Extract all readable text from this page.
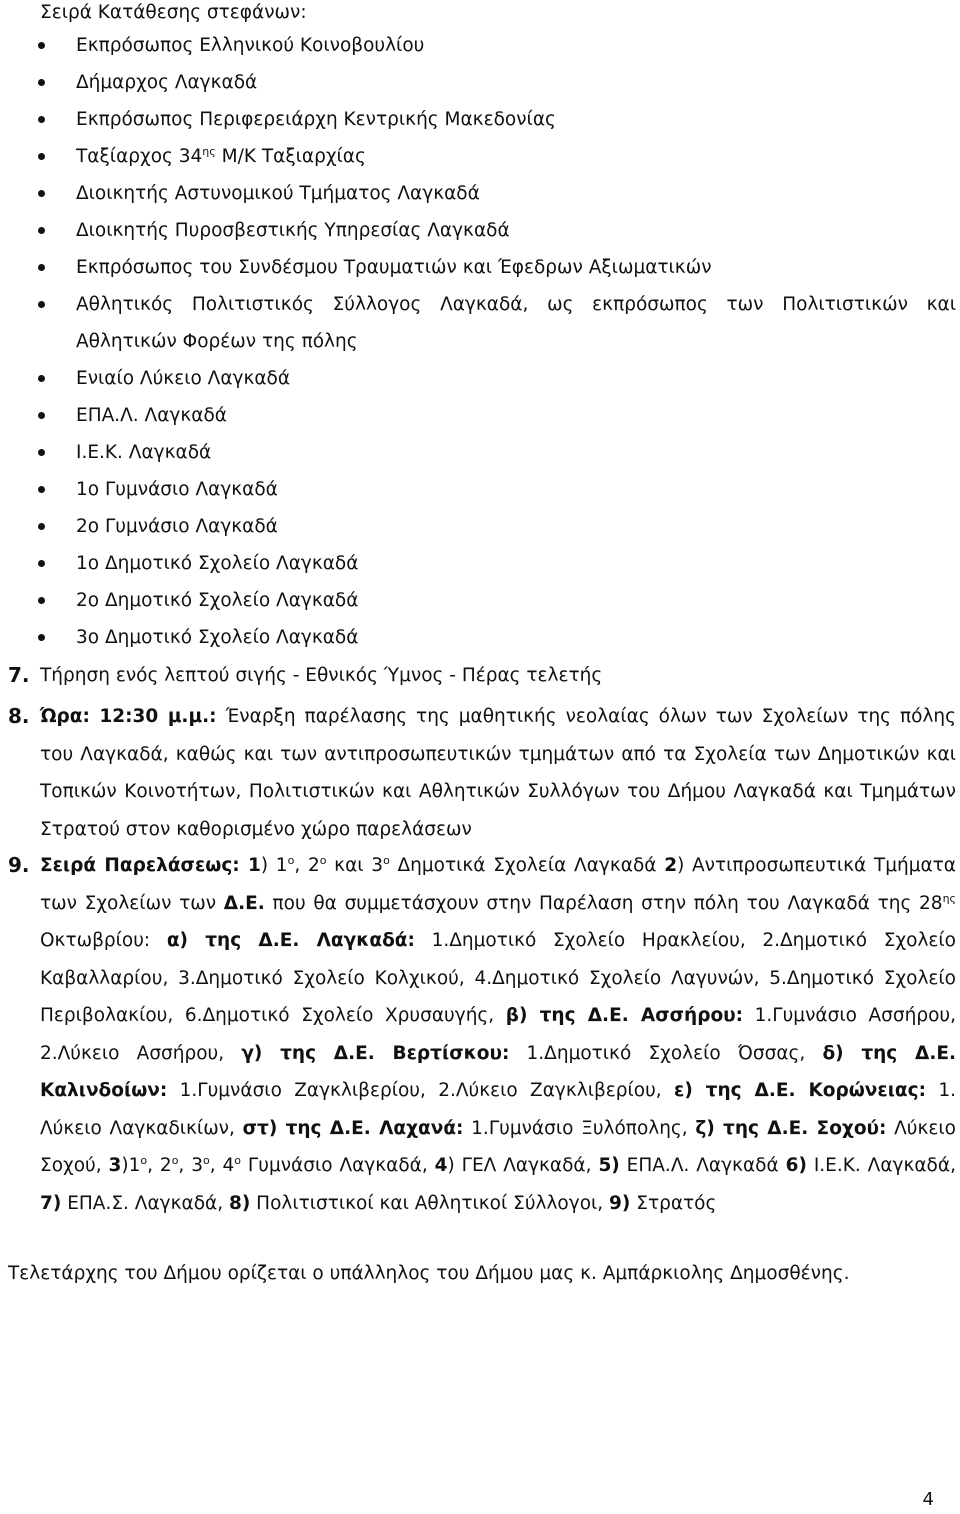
Σειρά Κατάθεσης στεφάνων:
Εκπρόσωπος Ελληνικού Κοινοβουλίου
Δήμαρχος Λαγκαδά
Εκπρόσωπος Περιφερειάρχη Κεντρικής Μακεδονίας
Ταξίαρχος $34^{\eta\varsigma}$ Μ/Κ Ταξιαρχίας
Διοικητής Αστυνομικού Τμήματος Λαγκαδά
Διοικητής Πυροσβεστικής Υπηρεσίας Λαγκαδά
Εκπρόσωπος του Συνδέσμου Τραυματιών και Έφεδρων Αξιωματικών
Αθλητικός Πολιτιστικός Σύλλογος Λαγκαδά, ως εκπρόσωπος των Πολιτιστικών και Αθλητικών Φορέων της πόλης
Ενιαίο Λύκειο Λαγκαδά
ΕΠΑ.Λ. Λαγκαδά
Ι.Ε.Κ. Λαγκαδά
1ο Γυμνάσιο Λαγκαδά
2ο Γυμνάσιο Λαγκαδά
1ο Δημοτικό Σχολείο Λαγκαδά
2ο Δημοτικό Σχολείο Λαγκαδά
3ο Δημοτικό Σχολείο Λαγκαδά
7. Τήρηση ενός λεπτού σιγής - Εθνικός Ύμνος - Πέρας τελετής
8. Ώρα: 12:30 μ.μ.: Έναρξη παρέλασης της μαθητικής νεολαίας όλων των Σχολείων της πόλης του Λαγκαδά, καθώς και των αντιπροσωπευτικών τμημάτων από τα Σχολεία των Δημοτικών και Τοπικών Κοινοτήτων, Πολιτιστικών και Αθλητικών Συλλόγων του Δήμου Λαγκαδά και Τμημάτων Στρατού στον καθορισμένο χώρο παρελάσεων
9. Σειρά Παρελάσεως: 1) $1^o$, $2^o$ και $3^o$ Δημοτικά Σχολεία Λαγκαδά 2) Αντιπροσωπευτικά Τμήματα των Σχολείων των Δ.Ε. που θα συμμετάσχουν στην Παρέλαση στην πόλη του Λαγκαδά της $28^{\eta\varsigma}$ Οκτωβρίου: α) της Δ.Ε. Λαγκαδά: 1.Δημοτικό Σχολείο Ηρακλείου, 2.Δημοτικό Σχολείο Καβαλλαρίου, 3.Δημοτικό Σχολείο Κολχικού, 4.Δημοτικό Σχολείο Λαγυνών, 5.Δημοτικό Σχολείο Περιβολακίου, 6.Δημοτικό Σχολείο Χρυσαυγής, β) της Δ.Ε. Ασσήρου: 1.Γυμνάσιο Ασσήρου, 2.Λύκειο Ασσήρου, γ) της Δ.Ε. Βερτίσκου: 1.Δημοτικό Σχολείο Όσσας, δ) της Δ.Ε. Καλινδοίων: 1.Γυμνάσιο Ζαγκλιβερίου, 2.Λύκειο Ζαγκλιβερίου, ε) της Δ.Ε. Κορώνειας: 1. Λύκειο Λαγκαδικίων, στ) της Δ.Ε. Λαχανά: 1.Γυμνάσιο Ξυλόπολης, ζ) της Δ.Ε. Σοχού: Λύκειο Σοχού, $3)1^o$, $2^o$, $3^o$, $4^o$ Γυμνάσιο Λαγκαδά, 4) ΓΕΛ Λαγκαδά, 5) ΕΠΑ.Λ. Λαγκαδά 6) Ι.Ε.Κ. Λαγκαδά, 7) ΕΠΑ.Σ. Λαγκαδά, 8) Πολιτιστικοί και Αθλητικοί Σύλλογοι, 9) Στρατός
Τελετάρχης του Δήμου ορίζεται ο υπάλληλος του Δήμου μας κ. Αμπάρκιολης Δημοσθένης.
4
